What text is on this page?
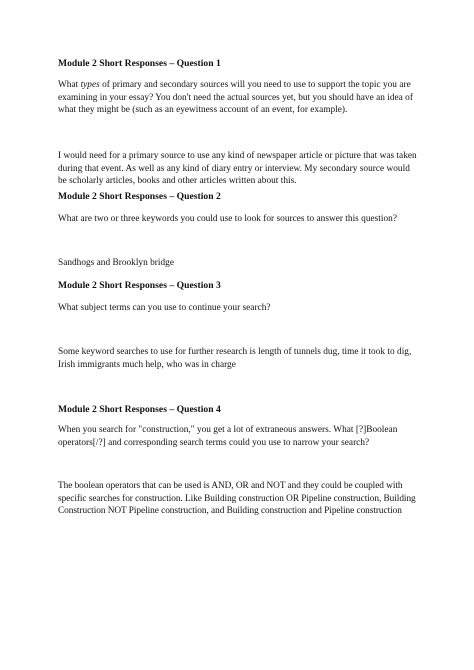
Module 2 Short Responses – Question 1
What types of primary and secondary sources will you need to use to support the topic you are examining in your essay? You don't need the actual sources yet, but you should have an idea of what they might be (such as an eyewitness account of an event, for example).
I would need for a primary source to use any kind of newspaper article or picture that was taken during that event. As well as any kind of diary entry or interview. My secondary source would be scholarly articles, books and other articles written about this.
Module 2 Short Responses – Question 2
What are two or three keywords you could use to look for sources to answer this question?
Sandhogs and Brooklyn bridge
Module 2 Short Responses – Question 3
What subject terms can you use to continue your search?
Some keyword searches to use for further research is length of tunnels dug, time it took to dig, Irish immigrants much help, who was in charge
Module 2 Short Responses – Question 4
When you search for "construction," you get a lot of extraneous answers. What [?]Boolean operators[/?] and corresponding search terms could you use to narrow your search?
The boolean operators that can be used is AND, OR and NOT and they could be coupled with specific searches for construction. Like Building construction OR Pipeline construction, Building Construction NOT Pipeline construction, and Building construction and Pipeline construction
